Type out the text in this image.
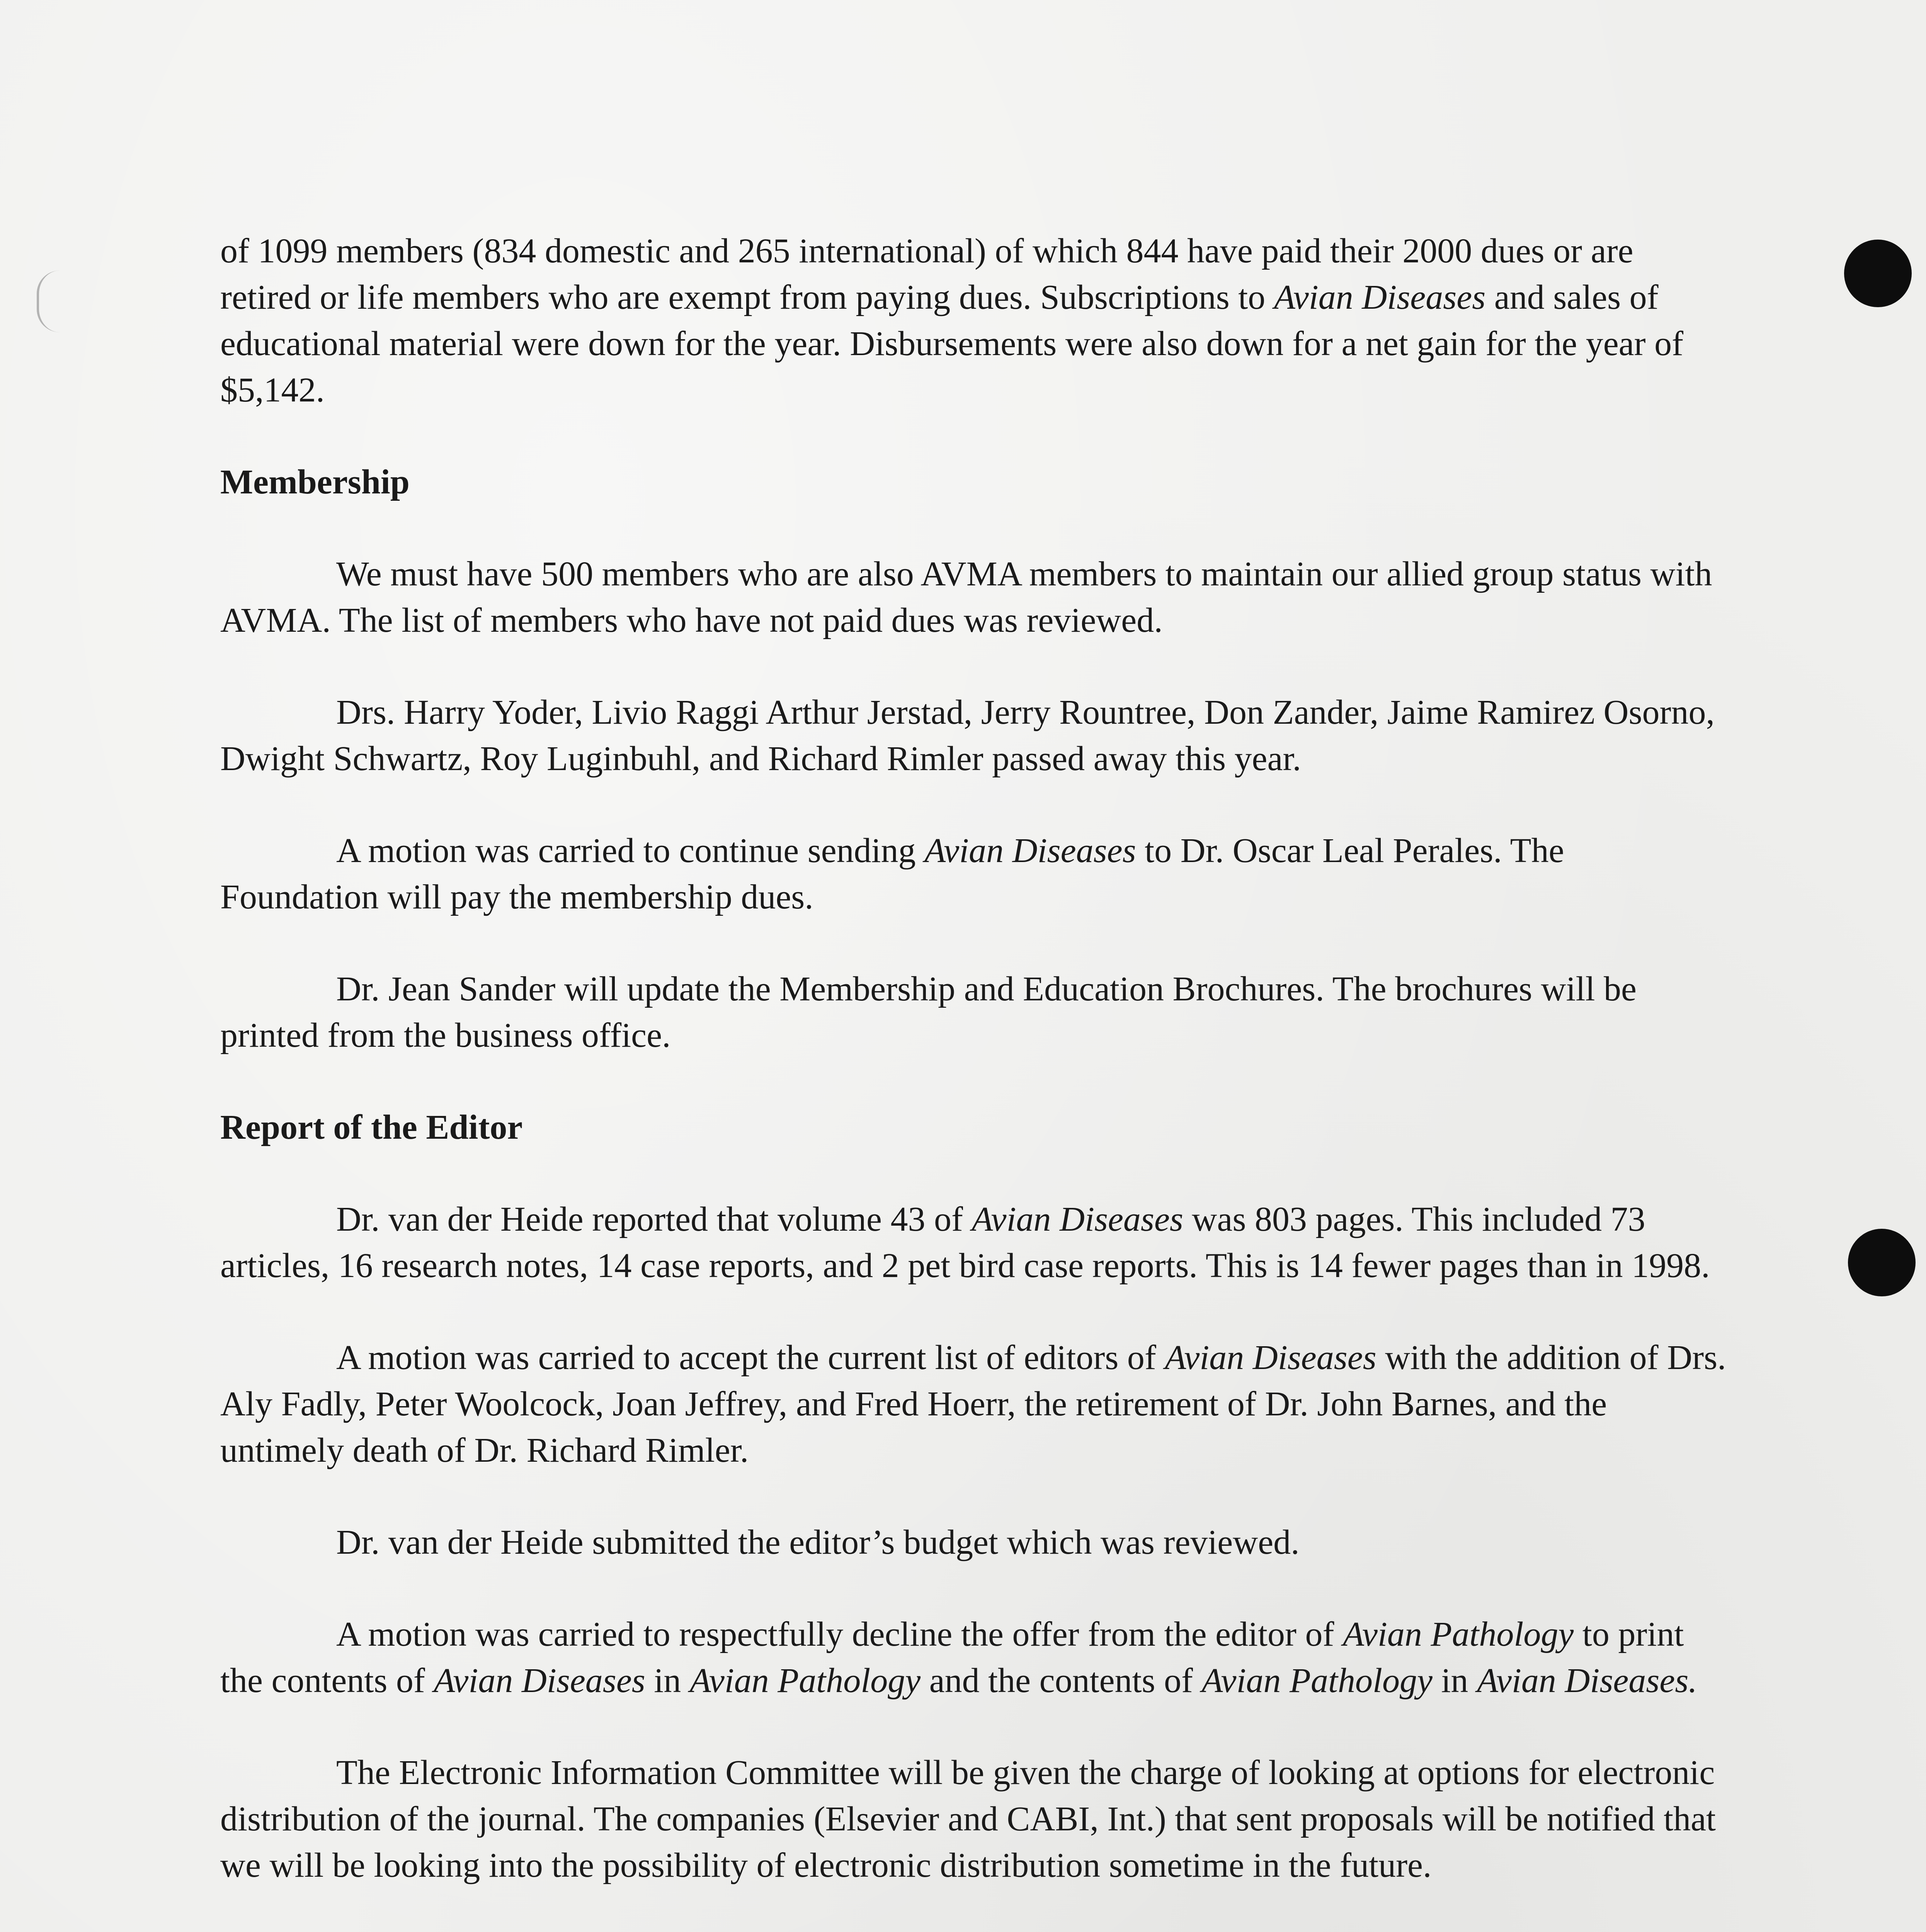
of 1099 members (834 domestic and 265 international) of which 844 have paid their 2000 dues or are retired or life members who are exempt from paying dues. Subscriptions to Avian Diseases and sales of educational material were down for the year. Disbursements were also down for a net gain for the year of $5,142.

Membership

We must have 500 members who are also AVMA members to maintain our allied group status with AVMA. The list of members who have not paid dues was reviewed.

Drs. Harry Yoder, Livio Raggi Arthur Jerstad, Jerry Rountree, Don Zander, Jaime Ramirez Osorno, Dwight Schwartz, Roy Luginbuhl, and Richard Rimler passed away this year.

A motion was carried to continue sending Avian Diseases to Dr. Oscar Leal Perales. The Foundation will pay the membership dues.

Dr. Jean Sander will update the Membership and Education Brochures. The brochures will be printed from the business office.

Report of the Editor

Dr. van der Heide reported that volume 43 of Avian Diseases was 803 pages. This included 73 articles, 16 research notes, 14 case reports, and 2 pet bird case reports. This is 14 fewer pages than in 1998.

A motion was carried to accept the current list of editors of Avian Diseases with the addition of Drs. Aly Fadly, Peter Woolcock, Joan Jeffrey, and Fred Hoerr, the retirement of Dr. John Barnes, and the untimely death of Dr. Richard Rimler.

Dr. van der Heide submitted the editor’s budget which was reviewed.

A motion was carried to respectfully decline the offer from the editor of Avian Pathology to print the contents of Avian Diseases in Avian Pathology and the contents of Avian Pathology in Avian Diseases.

The Electronic Information Committee will be given the charge of looking at options for electronic distribution of the journal. The companies (Elsevier and CABI, Int.) that sent proposals will be notified that we will be looking into the possibility of electronic distribution sometime in the future.
